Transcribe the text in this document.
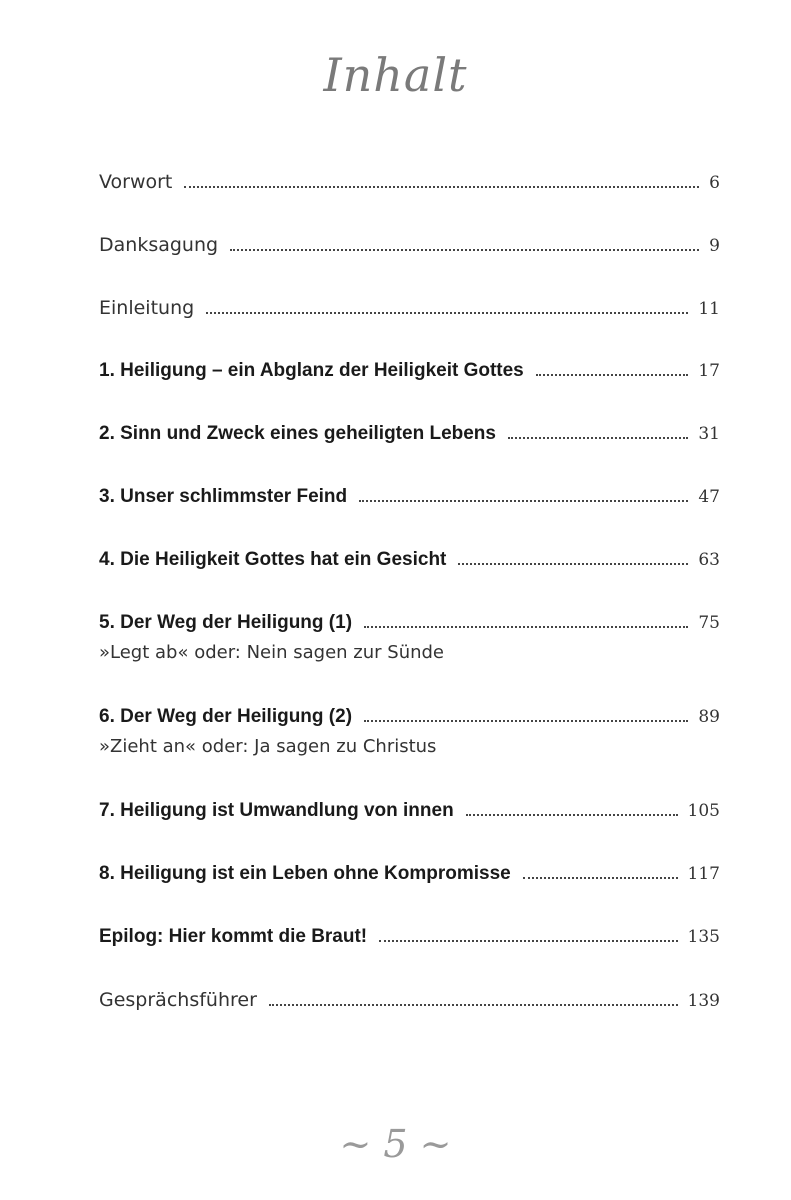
Inhalt
Vorwort	6
Danksagung	9
Einleitung	11
1. Heiligung – ein Abglanz der Heiligkeit Gottes	17
2. Sinn und Zweck eines geheiligten Lebens	31
3. Unser schlimmster Feind	47
4. Die Heiligkeit Gottes hat ein Gesicht	63
5. Der Weg der Heiligung (1)	75
»Legt ab« oder: Nein sagen zur Sünde
6. Der Weg der Heiligung (2)	89
»Zieht an« oder: Ja sagen zu Christus
7. Heiligung ist Umwandlung von innen	105
8. Heiligung ist ein Leben ohne Kompromisse	117
Epilog: Hier kommt die Braut!	135
Gesprächsführer	139
~ 5 ~
